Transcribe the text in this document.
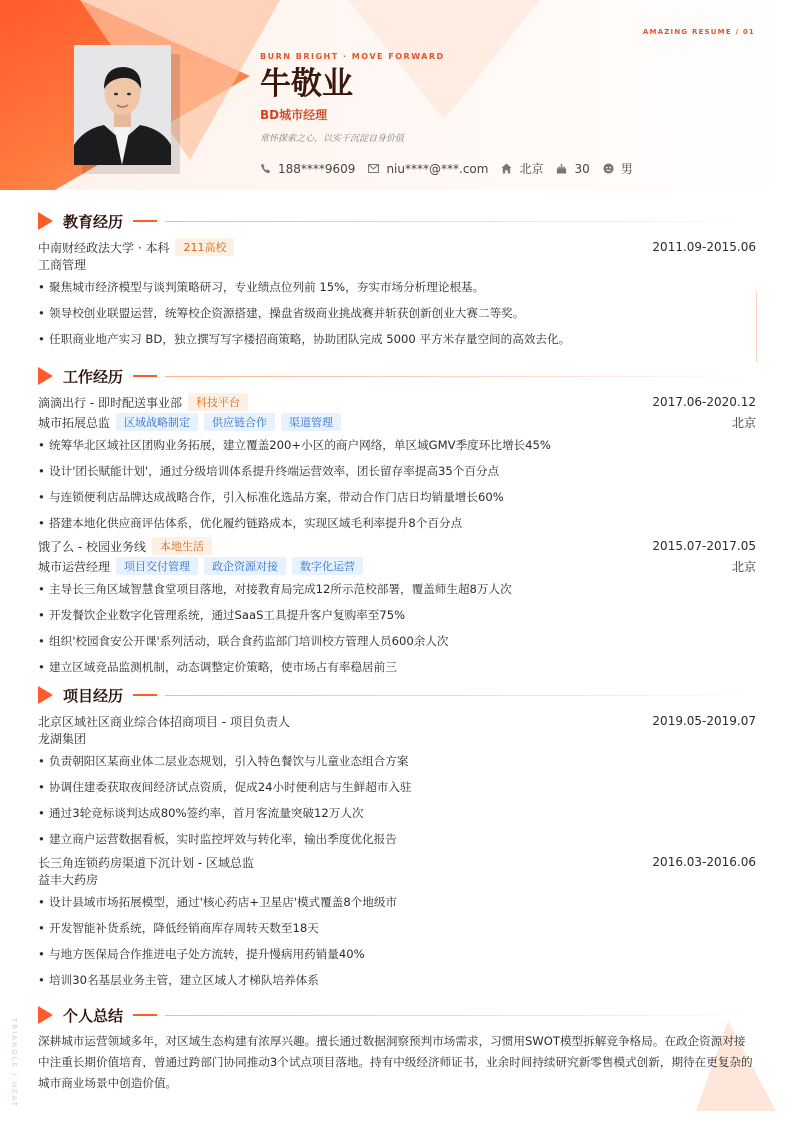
AMAZING RESUME / 01
BURN BRIGHT · MOVE FORWARD
牛敬业
BD城市经理
常怀探索之心，以实干沉淀自身价值
188****9609	niu****@***.com	北京	30	男
教育经历
中南财经政法大学 · 本科	211高校	2011.09-2015.06
工商管理
• 聚焦城市经济模型与谈判策略研习，专业绩点位列前 15%，夯实市场分析理论根基。
• 领导校创业联盟运营，统筹校企资源搭建，操盘省级商业挑战赛并斩获创新创业大赛二等奖。
• 任职商业地产实习 BD，独立撰写写字楼招商策略，协助团队完成 5000 平方米存量空间的高效去化。
工作经历
滴滴出行 - 即时配送事业部	科技平台	2017.06-2020.12
城市拓展总监	区域战略制定	供应链合作	渠道管理	北京
• 统筹华北区域社区团购业务拓展，建立覆盖200+小区的商户网络，单区域GMV季度环比增长45%
• 设计'团长赋能计划'，通过分级培训体系提升终端运营效率，团长留存率提高35个百分点
• 与连锁便利店品牌达成战略合作，引入标准化选品方案，带动合作门店日均销量增长60%
• 搭建本地化供应商评估体系，优化履约链路成本，实现区域毛利率提升8个百分点
饿了么 - 校园业务线	本地生活	2015.07-2017.05
城市运营经理	项目交付管理	政企资源对接	数字化运营	北京
• 主导长三角区域智慧食堂项目落地，对接教育局完成12所示范校部署，覆盖师生超8万人次
• 开发餐饮企业数字化管理系统，通过SaaS工具提升客户复购率至75%
• 组织'校园食安公开课'系列活动，联合食药监部门培训校方管理人员600余人次
• 建立区域竞品监测机制，动态调整定价策略，使市场占有率稳居前三
项目经历
北京区域社区商业综合体招商项目 - 项目负责人	2019.05-2019.07
龙湖集团
• 负责朝阳区某商业体二层业态规划，引入特色餐饮与儿童业态组合方案
• 协调住建委获取夜间经济试点资质，促成24小时便利店与生鲜超市入驻
• 通过3轮竞标谈判达成80%签约率，首月客流量突破12万人次
• 建立商户运营数据看板，实时监控坪效与转化率，输出季度优化报告
长三角连锁药房渠道下沉计划 - 区域总监	2016.03-2016.06
益丰大药房
• 设计县域市场拓展模型，通过'核心药店+卫星店'模式覆盖8个地级市
• 开发智能补货系统，降低经销商库存周转天数至18天
• 与地方医保局合作推进电子处方流转，提升慢病用药销量40%
• 培训30名基层业务主管，建立区域人才梯队培养体系
个人总结
深耕城市运营领域多年，对区域生态构建有浓厚兴趣。擅长通过数据洞察预判市场需求，习惯用SWOT模型拆解竞争格局。在政企资源对接中注重长期价值培育，曾通过跨部门协同推动3个试点项目落地。持有中级经济师证书，业余时间持续研究新零售模式创新，期待在更复杂的城市商业场景中创造价值。
TRIANGLE / HEAT
